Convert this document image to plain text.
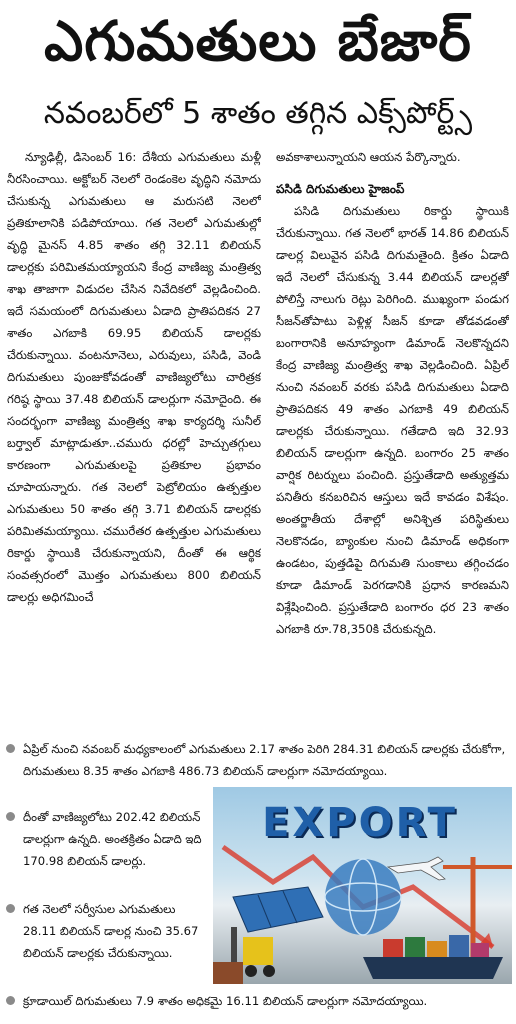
ఎగుమతులు బేజార్
నవంబర్‌లో 5 శాతం తగ్గిన ఎక్స్‌పోర్ట్స్

న్యూఢిల్లీ, డిసెంబర్ 16: దేశీయ ఎగుమతులు మళ్లీ నీరసించాయి. అక్టోబర్ నెలలో రెండంకెల వృద్ధిని నమోదు చేసుకున్న ఎగుమతులు ఆ మరుసటి నెలలో ప్రతికూలానికి పడిపోయాయి. గత నెలలో ఎగుమతుల్లో వృద్ధి మైనస్ 4.85 శాతం తగ్గి 32.11 బిలియన్ డాలర్లకు పరిమితమయ్యాయని కేంద్ర వాణిజ్య మంత్రిత్వ శాఖ తాజాగా విడుదల చేసిన నివేదికలో వెల్లడించింది. ఇదే సమయంలో దిగుమతులు ఏడాది ప్రాతిపదికన 27 శాతం ఎగబాకి 69.95 బిలియన్ డాలర్లకు చేరుకున్నాయి. వంటనూనెలు, ఎరువులు, పసిడి, వెండి దిగుమతులు పుంజుకోవడంతో వాణిజ్యలోటు చారిత్రక గరిష్ఠ స్థాయి 37.48 బిలియన్ డాలర్లుగా నమోదైంది. ఈ సందర్భంగా వాణిజ్య మంత్రిత్వ శాఖ కార్యదర్శి సునీల్ బర్త్వాల్ మాట్లాడుతూ..చమురు ధరల్లో హెచ్చుతగ్గులు కారణంగా ఎగుమతులపై ప్రతికూల ప్రభావం చూపాయన్నారు. గత నెలలో పెట్రోలియం ఉత్పత్తుల ఎగుమతులు 50 శాతం తగ్గి 3.71 బిలియన్ డాలర్లకు పరిమితమయ్యాయి. చమురేతర ఉత్పత్తుల ఎగుమతులు రికార్డు స్థాయికి చేరుకున్నాయని, దీంతో ఈ ఆర్థిక సంవత్సరంలో మొత్తం ఎగుమతులు 800 బిలియన్ డాలర్లు అధిగమించే

అవకాశాలున్నాయని ఆయన పేర్కొన్నారు.

పసిడి దిగుమతులు హైజంప్

పసిడి దిగుమతులు రికార్డు స్థాయికి చేరుకున్నాయి. గత నెలలో భారత్ 14.86 బిలియన్ డాలర్ల విలువైన పసిడి దిగుమతైంది. క్రితం ఏడాది ఇదే నెలలో చేసుకున్న 3.44 బిలియన్ డాలర్లతో పోలిస్తే నాలుగు రెట్లు పెరిగింది. ముఖ్యంగా పండుగ సీజన్‌తోపాటు పెళ్లిళ్ల సీజన్ కూడా తోడవడంతో బంగారానికి అనూహ్యంగా డిమాండ్ నెలకొన్నదని కేంద్ర వాణిజ్య మంత్రిత్వ శాఖ వెల్లడించింది. ఏప్రిల్ నుంచి నవంబర్ వరకు పసిడి దిగుమతులు ఏడాది ప్రాతిపదికన 49 శాతం ఎగబాకి 49 బిలియన్ డాలర్లకు చేరుకున్నాయి. గతేడాది ఇది 32.93 బిలియన్ డాలర్లుగా ఉన్నది. బంగారం 25 శాతం వార్షిక రిటర్నులు పంచింది. ప్రస్తుతేడాది అత్యుత్తమ పనితీరు కనబరిచిన ఆస్తులు ఇదే కావడం విశేషం. అంతర్జాతీయ దేశాల్లో అనిశ్చిత పరిస్థితులు నెలకొనడం, బ్యాంకుల నుంచి డిమాండ్ అధికంగా ఉండటం, పుత్తడిపై దిగుమతి సుంకాలు తగ్గించడం కూడా డిమాండ్ పెరగడానికి ప్రధాన కారణమని విశ్లేషించింది. ప్రస్తుతేడాది బంగారం ధర 23 శాతం ఎగబాకి రూ.78,350కి చేరుకున్నది.

ఏప్రిల్ నుంచి నవంబర్ మధ్యకాలంలో ఎగుమతులు 2.17 శాతం పెరిగి 284.31 బిలియన్ డాలర్లకు చేరుకోగా, దిగుమతులు 8.35 శాతం ఎగబాకి 486.73 బిలియన్ డాలర్లుగా నమోదయ్యాయి.
దీంతో వాణిజ్యలోటు 202.42 బిలియన్ డాలర్లుగా ఉన్నది. అంతక్రితం ఏడాది ఇది 170.98 బిలియన్ డాలర్లు.
గత నెలలో సర్వీసుల ఎగుమతులు 28.11 బిలియన్ డాలర్ల నుంచి 35.67 బిలియన్ డాలర్లకు చేరుకున్నాయి.
క్రూడాయిల్ దిగుమతులు 7.9 శాతం అధికమై 16.11 బిలియన్ డాలర్లుగా నమోదయ్యాయి.
EXPORT
